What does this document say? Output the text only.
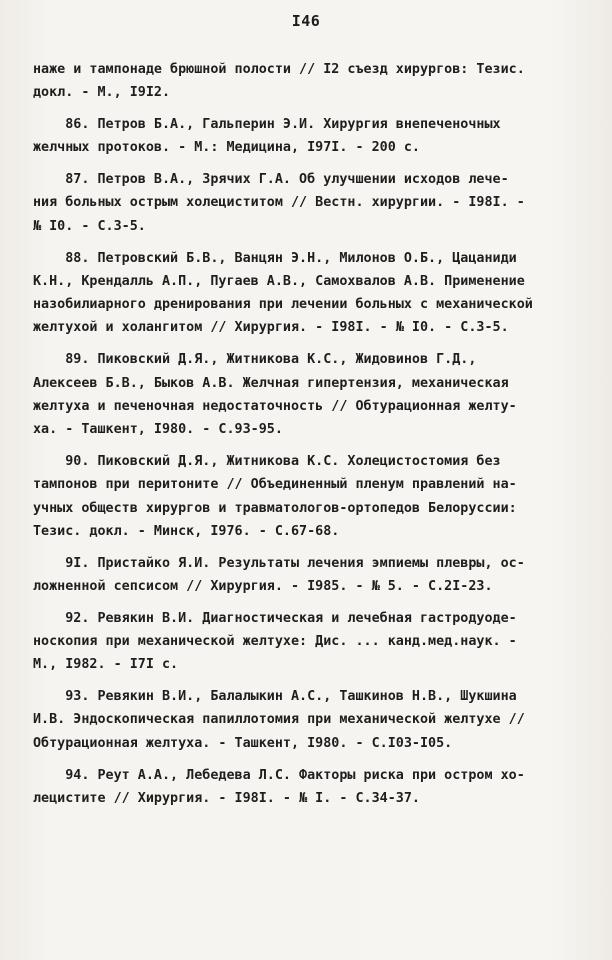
I46
наже и тампонаде брюшной полости // I2 съезд хирургов: Тезис.
докл. - М., I9I2.
86. Петров Б.А., Гальперин Э.И. Хирургия внепеченочных
желчных протоков. - М.: Медицина, I97I. - 200 с.
87. Петров В.А., Зрячих Г.А. Об улучшении исходов лече-
ния больных острым холециститом // Вестн. хирургии. - I98I. -
№ I0. - С.3-5.
88. Петровский Б.В., Ванцян Э.Н., Милонов О.Б., Цацаниди
К.Н., Крендалль А.П., Пугаев А.В., Самохвалов А.В. Применение
назобилиарного дренирования при лечении больных с механической
желтухой и холангитом // Хирургия. - I98I. - № I0. - С.3-5.
89. Пиковский Д.Я., Житникова К.С., Жидовинов Г.Д.,
Алексеев Б.В., Быков А.В. Желчная гипертензия, механическая
желтуха и печеночная недостаточность // Обтурационная желту-
ха. - Ташкент, I980. - С.93-95.
90. Пиковский Д.Я., Житникова К.С. Холецистостомия без
тампонов при перитоните // Объединенный пленум правлений на-
учных обществ хирургов и травматологов-ортопедов Белоруссии:
Тезис. докл. - Минск, I976. - С.67-68.
9I. Пристайко Я.И. Результаты лечения эмпиемы плевры, ос-
ложненной сепсисом // Хирургия. - I985. - № 5. - С.2I-23.
92. Ревякин В.И. Диагностическая и лечебная гастродуоде-
носкопия при механической желтухе: Дис. ... канд.мед.наук. -
М., I982. - I7I с.
93. Ревякин В.И., Балалыкин А.С., Ташкинов Н.В., Шукшина
И.В. Эндоскопическая папиллотомия при механической желтухе //
Обтурационная желтуха. - Ташкент, I980. - С.I03-I05.
94. Реут А.А., Лебедева Л.С. Факторы риска при остром хо-
лецистите // Хирургия. - I98I. - № I. - С.34-37.
